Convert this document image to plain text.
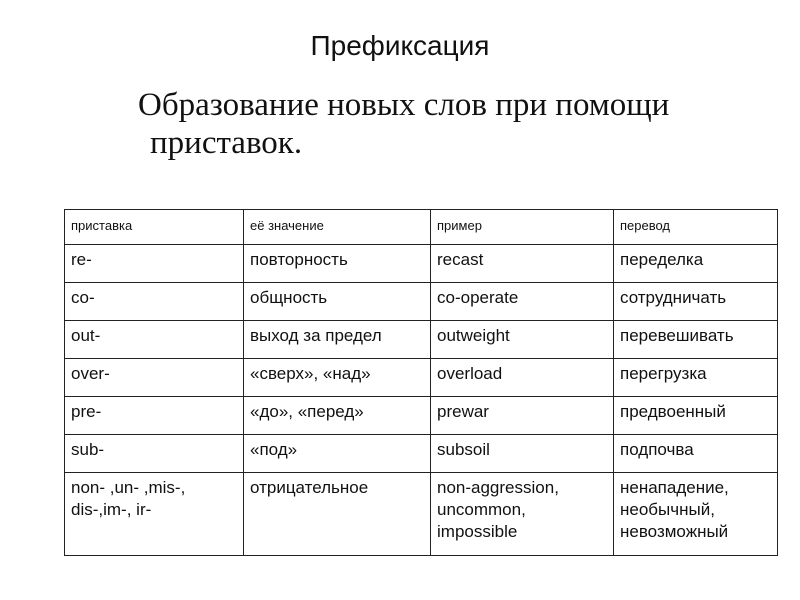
Префиксация

Образование новых слов при помощи
приставок.

приставка	её значение	пример	перевод
re-	повторность	recast	переделка
co-	общность	co-operate	сотрудничать
out-	выход за предел	outweight	перевешивать
over-	«сверх», «над»	overload	перегрузка
pre-	«до», «перед»	prewar	предвоенный
sub-	«под»	subsoil	подпочва
non- ,un- ,mis-, dis-,im-, ir-	отрицательное	non-aggression, uncommon, impossible	ненападение, необычный, невозможный
